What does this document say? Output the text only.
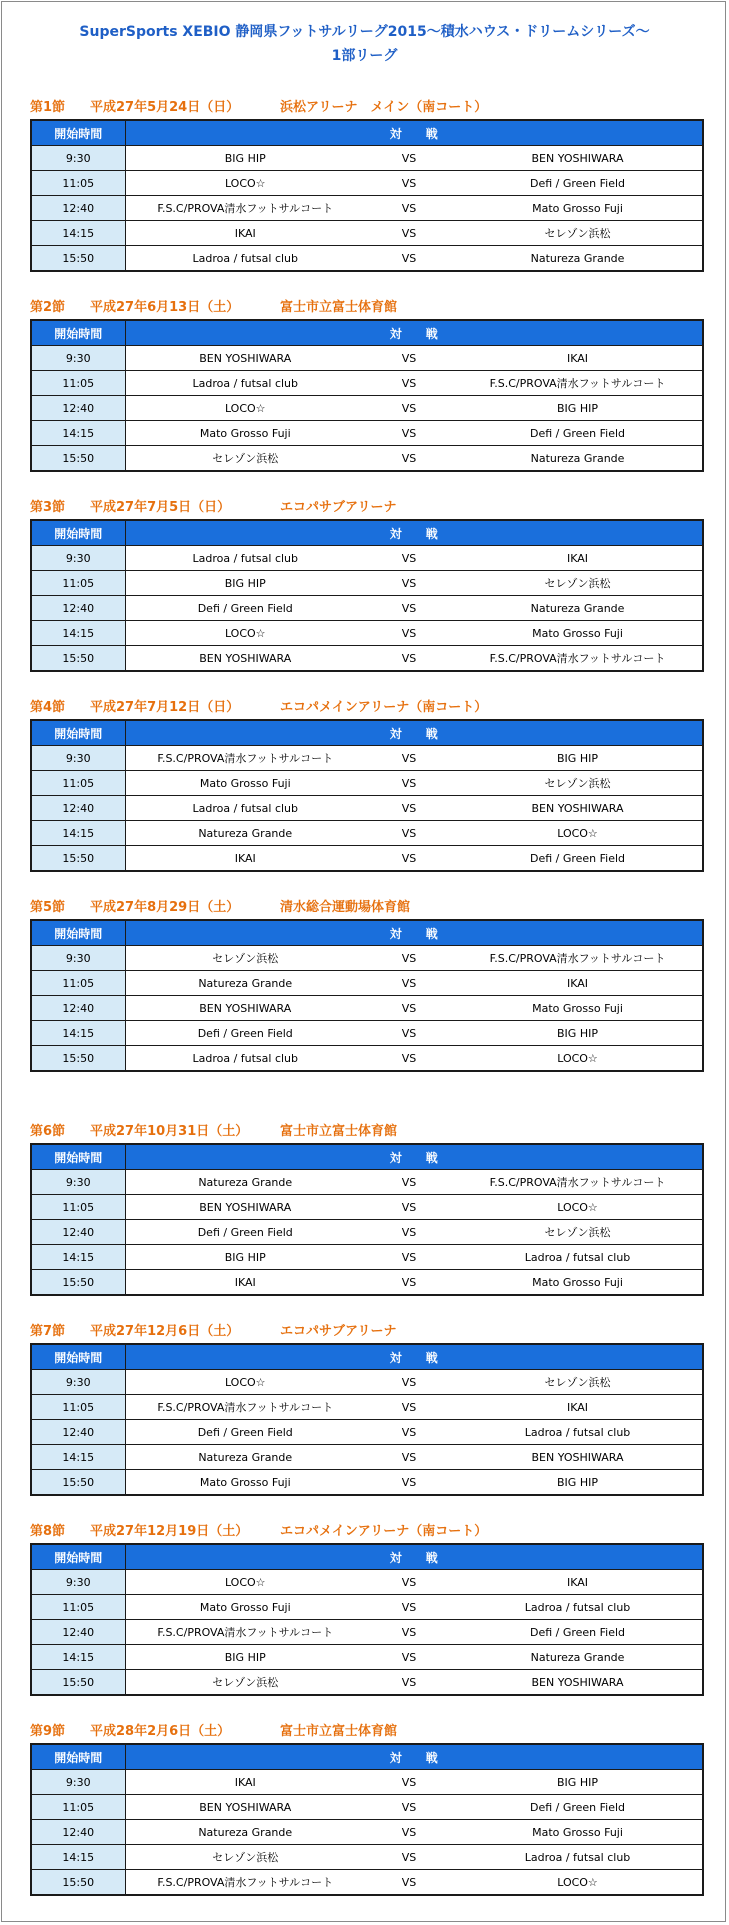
SuperSports XEBIO 静岡県フットサルリーグ2015〜積水ハウス・ドリームシリーズ〜
1部リーグ
第1節 平成27年5月24日（日）	浜松アリーナ　メイン（南コート）
開始時間	対　　戦		
9:30	BIG HIP	VS	BEN YOSHIWARA
11:05	LOCO☆	VS	Defi / Green Field
12:40	F.S.C/PROVA清水フットサルコート	VS	Mato Grosso Fuji
14:15	IKAI	VS	セレゾン浜松
15:50	Ladroa / futsal club	VS	Natureza Grande
第2節 平成27年6月13日（土）	富士市立富士体育館
開始時間	対　　戦		
9:30	BEN YOSHIWARA	VS	IKAI
11:05	Ladroa / futsal club	VS	F.S.C/PROVA清水フットサルコート
12:40	LOCO☆	VS	BIG HIP
14:15	Mato Grosso Fuji	VS	Defi / Green Field
15:50	セレゾン浜松	VS	Natureza Grande
第3節 平成27年7月5日（日）	エコパサブアリーナ
開始時間	対　　戦		
9:30	Ladroa / futsal club	VS	IKAI
11:05	BIG HIP	VS	セレゾン浜松
12:40	Defi / Green Field	VS	Natureza Grande
14:15	LOCO☆	VS	Mato Grosso Fuji
15:50	BEN YOSHIWARA	VS	F.S.C/PROVA清水フットサルコート
第4節 平成27年7月12日（日）	エコパメインアリーナ（南コート）
開始時間	対　　戦		
9:30	F.S.C/PROVA清水フットサルコート	VS	BIG HIP
11:05	Mato Grosso Fuji	VS	セレゾン浜松
12:40	Ladroa / futsal club	VS	BEN YOSHIWARA
14:15	Natureza Grande	VS	LOCO☆
15:50	IKAI	VS	Defi / Green Field
第5節 平成27年8月29日（土）	清水総合運動場体育館
開始時間	対　　戦		
9:30	セレゾン浜松	VS	F.S.C/PROVA清水フットサルコート
11:05	Natureza Grande	VS	IKAI
12:40	BEN YOSHIWARA	VS	Mato Grosso Fuji
14:15	Defi / Green Field	VS	BIG HIP
15:50	Ladroa / futsal club	VS	LOCO☆
第6節 平成27年10月31日（土） 富士市立富士体育館
開始時間	対　　戦		
9:30	Natureza Grande	VS	F.S.C/PROVA清水フットサルコート
11:05	BEN YOSHIWARA	VS	LOCO☆
12:40	Defi / Green Field	VS	セレゾン浜松
14:15	BIG HIP	VS	Ladroa / futsal club
15:50	IKAI	VS	Mato Grosso Fuji
第7節 平成27年12月6日（土）	エコパサブアリーナ
開始時間	対　　戦		
9:30	LOCO☆	VS	セレゾン浜松
11:05	F.S.C/PROVA清水フットサルコート	VS	IKAI
12:40	Defi / Green Field	VS	Ladroa / futsal club
14:15	Natureza Grande	VS	BEN YOSHIWARA
15:50	Mato Grosso Fuji	VS	BIG HIP
第8節 平成27年12月19日（土） エコパメインアリーナ（南コート）
開始時間	対　　戦		
9:30	LOCO☆	VS	IKAI
11:05	Mato Grosso Fuji	VS	Ladroa / futsal club
12:40	F.S.C/PROVA清水フットサルコート	VS	Defi / Green Field
14:15	BIG HIP	VS	Natureza Grande
15:50	セレゾン浜松	VS	BEN YOSHIWARA
第9節 平成28年2月6日（土）	富士市立富士体育館
開始時間	対　　戦		
9:30	IKAI	VS	BIG HIP
11:05	BEN YOSHIWARA	VS	Defi / Green Field
12:40	Natureza Grande	VS	Mato Grosso Fuji
14:15	セレゾン浜松	VS	Ladroa / futsal club
15:50	F.S.C/PROVA清水フットサルコート	VS	LOCO☆
